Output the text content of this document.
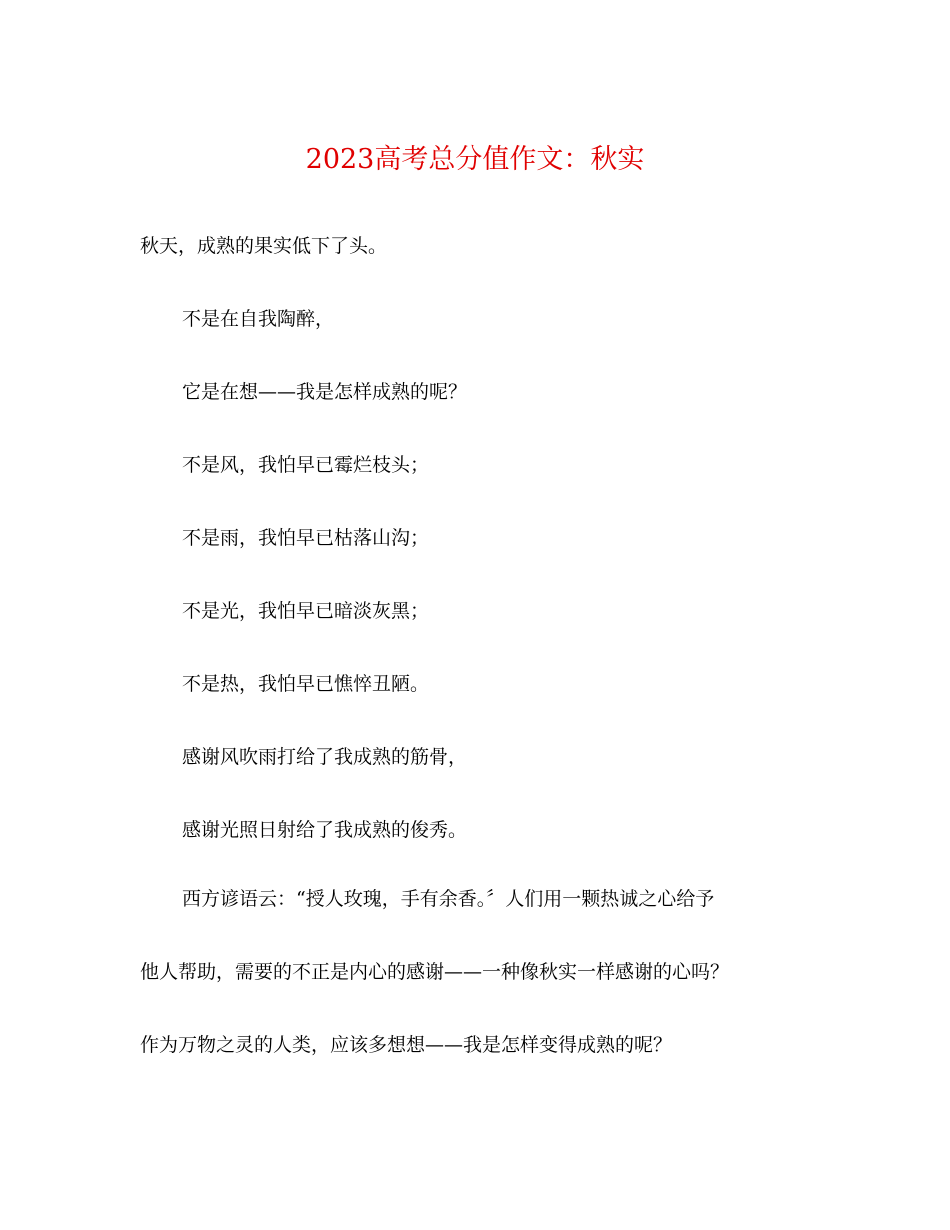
2023高考总分值作文：秋实
秋天，成熟的果实低下了头。
不是在自我陶醉，
它是在想——我是怎样成熟的呢？
不是风，我怕早已霉烂枝头；
不是雨，我怕早已枯落山沟；
不是光，我怕早已暗淡灰黑；
不是热，我怕早已憔悴丑陋。
感谢风吹雨打给了我成熟的筋骨，
感谢光照日射给了我成熟的俊秀。
西方谚语云：“授人玫瑰，手有余香。〞人们用一颗热诚之心给予
他人帮助，需要的不正是内心的感谢——一种像秋实一样感谢的心吗？
作为万物之灵的人类，应该多想想——我是怎样变得成熟的呢？
